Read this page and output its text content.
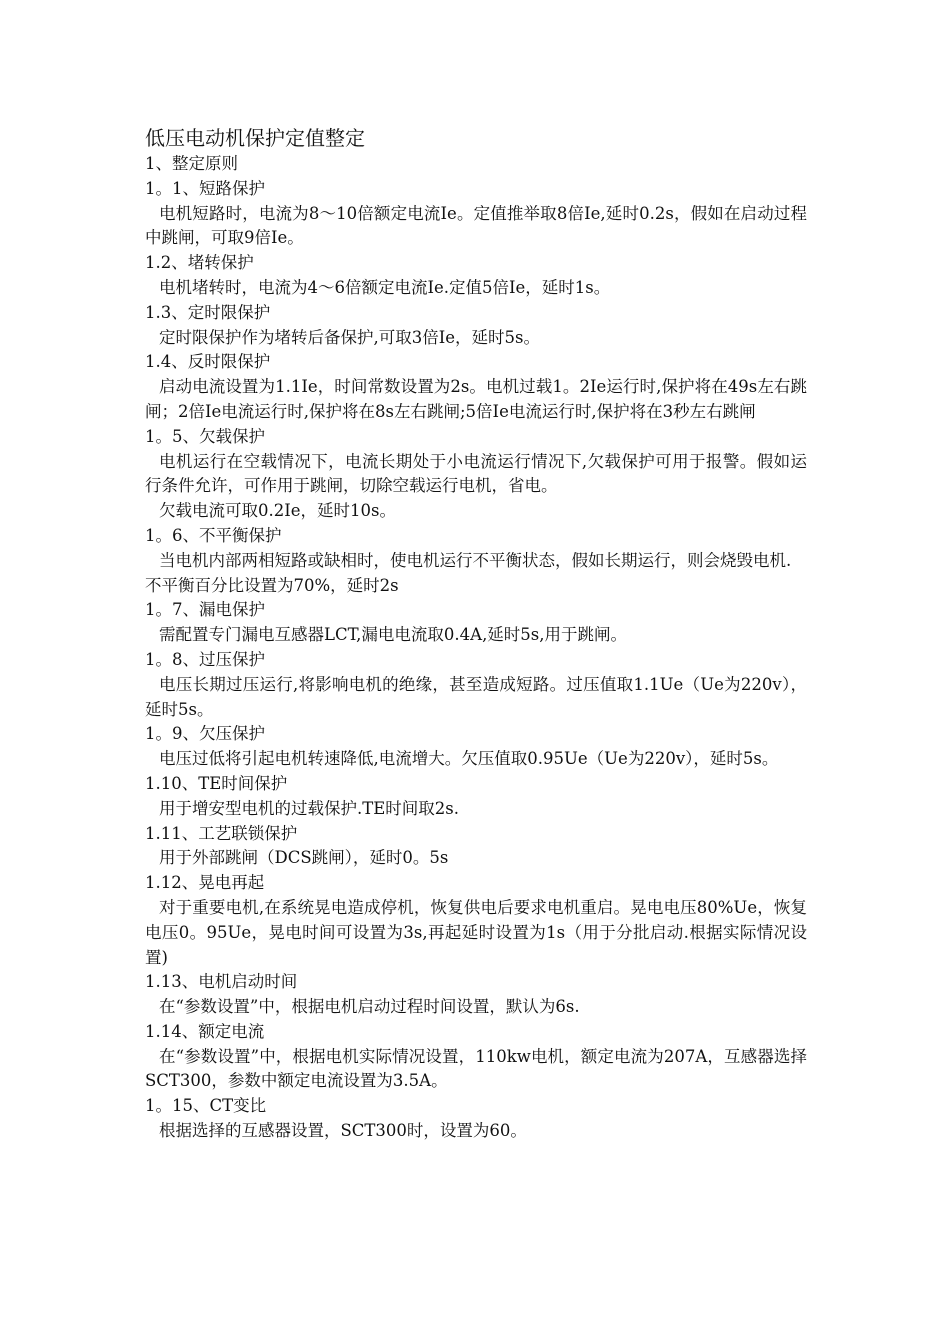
低压电动机保护定值整定

1、整定原则

1。1、短路保护

电机短路时，电流为8～10倍额定电流Ie。定值推举取8倍Ie,延时0.2s，假如在启动过程中跳闸，可取9倍Ie。

1.2、堵转保护

电机堵转时，电流为4～6倍额定电流Ie.定值5倍Ie，延时1s。

1.3、定时限保护

定时限保护作为堵转后备保护,可取3倍Ie，延时5s。

1.4、反时限保护

启动电流设置为1.1Ie，时间常数设置为2s。电机过载1。2Ie运行时,保护将在49s左右跳闸；2倍Ie电流运行时,保护将在8s左右跳闸;5倍Ie电流运行时,保护将在3秒左右跳闸

1。5、欠载保护

电机运行在空载情况下，电流长期处于小电流运行情况下,欠载保护可用于报警。假如运行条件允许，可作用于跳闸，切除空载运行电机，省电。

欠载电流可取0.2Ie，延时10s。

1。6、不平衡保护

当电机内部两相短路或缺相时，使电机运行不平衡状态，假如长期运行，则会烧毁电机.

不平衡百分比设置为70%，延时2s

1。7、漏电保护

需配置专门漏电互感器LCT,漏电电流取0.4A,延时5s,用于跳闸。

1。8、过压保护

电压长期过压运行,将影响电机的绝缘，甚至造成短路。过压值取1.1Ue（Ue为220v），延时5s。

1。9、欠压保护

电压过低将引起电机转速降低,电流增大。欠压值取0.95Ue（Ue为220v），延时5s。

1.10、TE时间保护

用于增安型电机的过载保护.TE时间取2s.

1.11、工艺联锁保护

用于外部跳闸（DCS跳闸），延时0。5s

1.12、晃电再起

对于重要电机,在系统晃电造成停机，恢复供电后要求电机重启。晃电电压80%Ue，恢复电压0。95Ue，晃电时间可设置为3s,再起延时设置为1s（用于分批启动.根据实际情况设置)

1.13、电机启动时间

在“参数设置”中，根据电机启动过程时间设置，默认为6s.

1.14、额定电流

在“参数设置”中，根据电机实际情况设置，110kw电机，额定电流为207A，互感器选择SCT300，参数中额定电流设置为3.5A。

1。15、CT变比

根据选择的互感器设置，SCT300时，设置为60。
